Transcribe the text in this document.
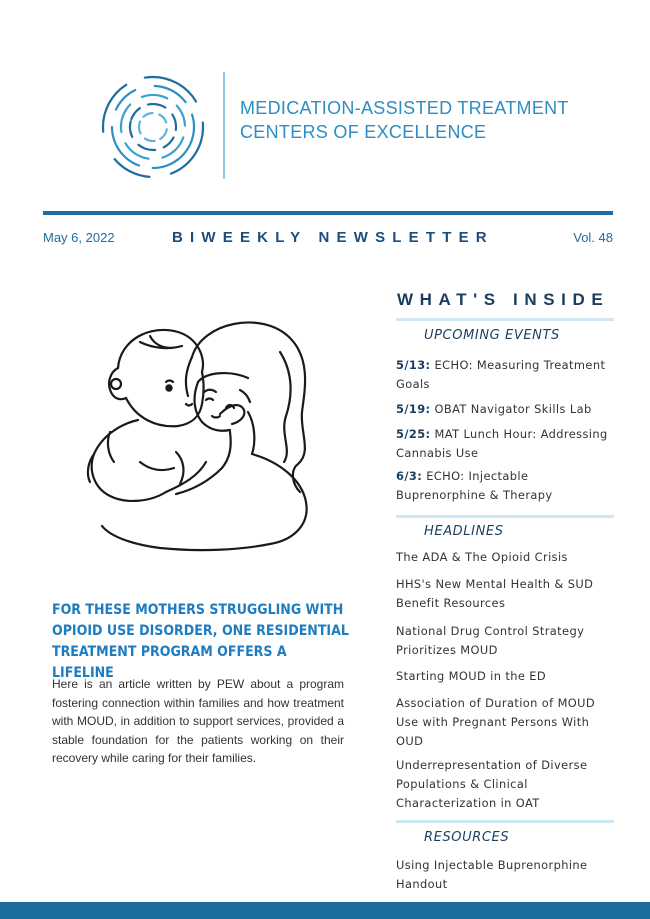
MEDICATION-ASSISTED TREATMENT
CENTERS OF EXCELLENCE
May 6, 2022	BIWEEKLY NEWSLETTER	Vol. 48
FOR THESE MOTHERS STRUGGLING WITH OPIOID USE DISORDER, ONE RESIDENTIAL TREATMENT PROGRAM OFFERS A LIFELINE
Here is an article written by PEW about a program fostering connection within families and how treatment with MOUD, in addition to support services, provided a stable foundation for the patients working on their recovery while caring for their families.
WHAT'S INSIDE
UPCOMING EVENTS
5/13: ECHO: Measuring Treatment Goals
5/19: OBAT Navigator Skills Lab
5/25: MAT Lunch Hour: Addressing Cannabis Use
6/3: ECHO: Injectable Buprenorphine & Therapy
HEADLINES
The ADA & The Opioid Crisis
HHS's New Mental Health & SUD Benefit Resources
National Drug Control Strategy Prioritizes MOUD
Starting MOUD in the ED
Association of Duration of MOUD Use with Pregnant Persons With OUD
Underrepresentation of Diverse Populations & Clinical Characterization in OAT
RESOURCES
Using Injectable Buprenorphine Handout
